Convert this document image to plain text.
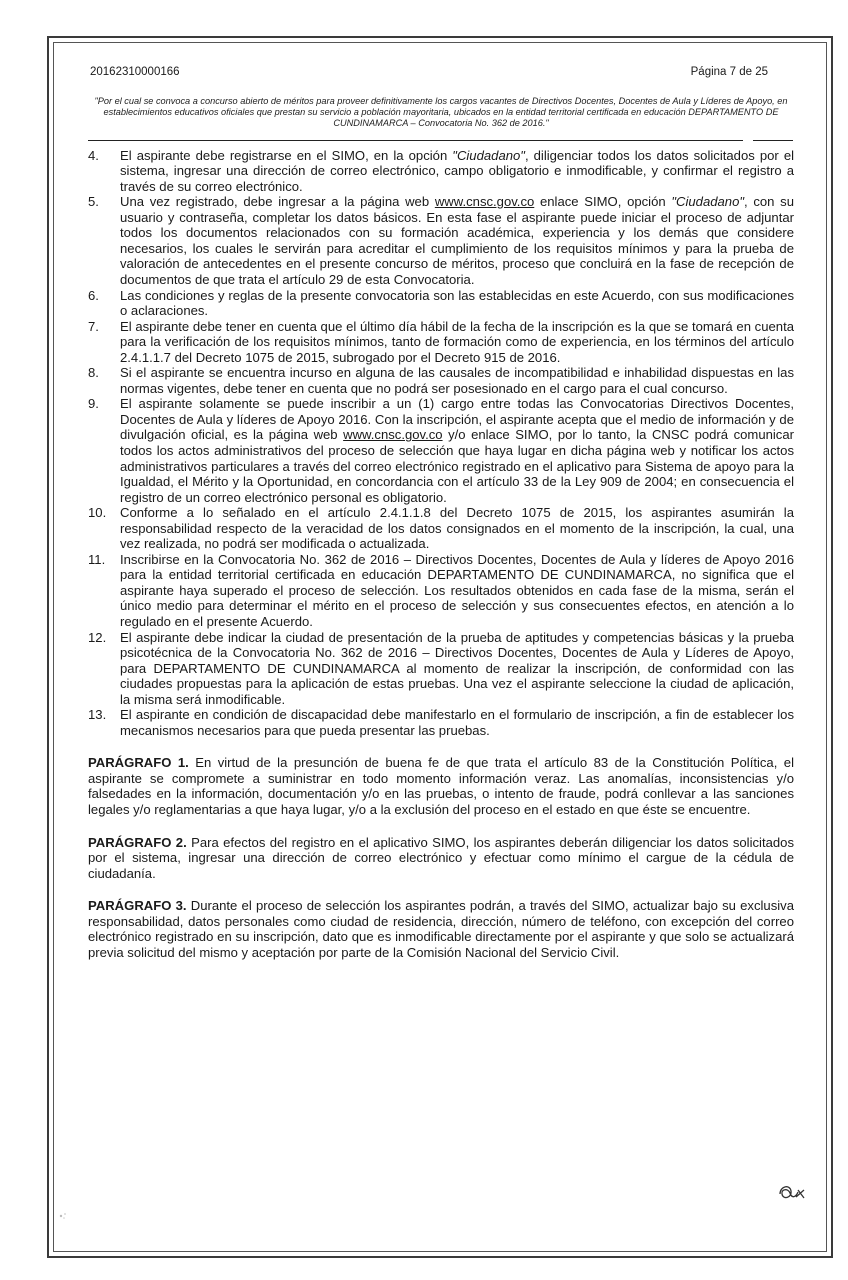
20162310000166	Página 7 de 25
"Por el cual se convoca a concurso abierto de méritos para proveer definitivamente los cargos vacantes de Directivos Docentes, Docentes de Aula y Líderes de Apoyo, en establecimientos educativos oficiales que prestan su servicio a población mayoritaria, ubicados en la entidad territorial certificada en educación DEPARTAMENTO DE CUNDINAMARCA – Convocatoria No. 362 de 2016."
4.	El aspirante debe registrarse en el SIMO, en la opción "Ciudadano", diligenciar todos los datos solicitados por el sistema, ingresar una dirección de correo electrónico, campo obligatorio e inmodificable, y confirmar el registro a través de su correo electrónico.
5.	Una vez registrado, debe ingresar a la página web www.cnsc.gov.co enlace SIMO, opción "Ciudadano", con su usuario y contraseña, completar los datos básicos. En esta fase el aspirante puede iniciar el proceso de adjuntar todos los documentos relacionados con su formación académica, experiencia y los demás que considere necesarios, los cuales le servirán para acreditar el cumplimiento de los requisitos mínimos y para la prueba de valoración de antecedentes en el presente concurso de méritos, proceso que concluirá en la fase de recepción de documentos de que trata el artículo 29 de esta Convocatoria.
6.	Las condiciones y reglas de la presente convocatoria son las establecidas en este Acuerdo, con sus modificaciones o aclaraciones.
7.	El aspirante debe tener en cuenta que el último día hábil de la fecha de la inscripción es la que se tomará en cuenta para la verificación de los requisitos mínimos, tanto de formación como de experiencia, en los términos del artículo 2.4.1.1.7 del Decreto 1075 de 2015, subrogado por el Decreto 915 de 2016.
8.	Si el aspirante se encuentra incurso en alguna de las causales de incompatibilidad e inhabilidad dispuestas en las normas vigentes, debe tener en cuenta que no podrá ser posesionado en el cargo para el cual concurso.
9.	El aspirante solamente se puede inscribir a un (1) cargo entre todas las Convocatorias Directivos Docentes, Docentes de Aula y líderes de Apoyo 2016. Con la inscripción, el aspirante acepta que el medio de información y de divulgación oficial, es la página web www.cnsc.gov.co y/o enlace SIMO, por lo tanto, la CNSC podrá comunicar todos los actos administrativos del proceso de selección que haya lugar en dicha página web y notificar los actos administrativos particulares a través del correo electrónico registrado en el aplicativo para Sistema de apoyo para la Igualdad, el Mérito y la Oportunidad, en concordancia con el artículo 33 de la Ley 909 de 2004; en consecuencia el registro de un correo electrónico personal es obligatorio.
10.	Conforme a lo señalado en el artículo 2.4.1.1.8 del Decreto 1075 de 2015, los aspirantes asumirán la responsabilidad respecto de la veracidad de los datos consignados en el momento de la inscripción, la cual, una vez realizada, no podrá ser modificada o actualizada.
11.	Inscribirse en la Convocatoria No. 362 de 2016 – Directivos Docentes, Docentes de Aula y líderes de Apoyo 2016 para la entidad territorial certificada en educación DEPARTAMENTO DE CUNDINAMARCA, no significa que el aspirante haya superado el proceso de selección. Los resultados obtenidos en cada fase de la misma, serán el único medio para determinar el mérito en el proceso de selección y sus consecuentes efectos, en atención a lo regulado en el presente Acuerdo.
12.	El aspirante debe indicar la ciudad de presentación de la prueba de aptitudes y competencias básicas y la prueba psicotécnica de la Convocatoria No. 362 de 2016 – Directivos Docentes, Docentes de Aula y Líderes de Apoyo, para DEPARTAMENTO DE CUNDINAMARCA al momento de realizar la inscripción, de conformidad con las ciudades propuestas para la aplicación de estas pruebas. Una vez el aspirante seleccione la ciudad de aplicación, la misma será inmodificable.
13.	El aspirante en condición de discapacidad debe manifestarlo en el formulario de inscripción, a fin de establecer los mecanismos necesarios para que pueda presentar las pruebas.

PARÁGRAFO 1. En virtud de la presunción de buena fe de que trata el artículo 83 de la Constitución Política, el aspirante se compromete a suministrar en todo momento información veraz. Las anomalías, inconsistencias y/o falsedades en la información, documentación y/o en las pruebas, o intento de fraude, podrá conllevar a las sanciones legales y/o reglamentarias a que haya lugar, y/o a la exclusión del proceso en el estado en que éste se encuentre.

PARÁGRAFO 2. Para efectos del registro en el aplicativo SIMO, los aspirantes deberán diligenciar los datos solicitados por el sistema, ingresar una dirección de correo electrónico y efectuar como mínimo el cargue de la cédula de ciudadanía.

PARÁGRAFO 3. Durante el proceso de selección los aspirantes podrán, a través del SIMO, actualizar bajo su exclusiva responsabilidad, datos personales como ciudad de residencia, dirección, número de teléfono, con excepción del correo electrónico registrado en su inscripción, dato que es inmodificable directamente por el aspirante y que solo se actualizará previa solicitud del mismo y aceptación por parte de la Comisión Nacional del Servicio Civil.
